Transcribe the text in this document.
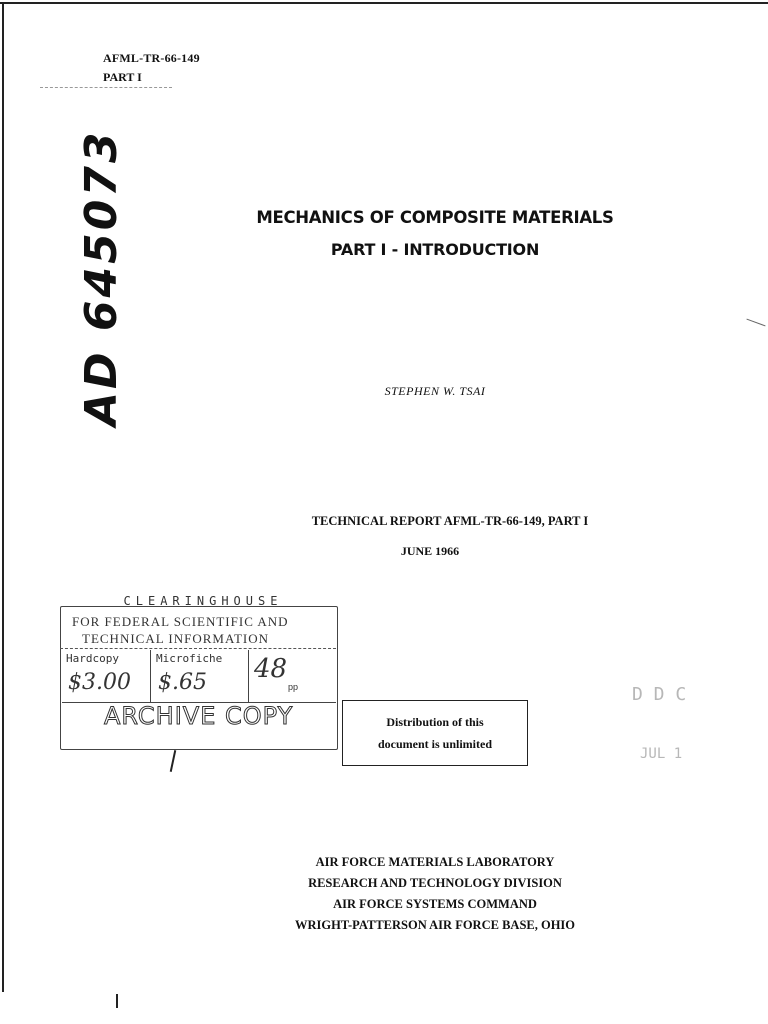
AFML-TR-66-149
PART I
AD 645073	MECHANICS OF COMPOSITE MATERIALS
PART I - INTRODUCTION
STEPHEN W. TSAI
TECHNICAL REPORT AFML-TR-66-149, PART I
JUNE 1966
CLEARINGHOUSE
FOR FEDERAL SCIENTIFIC AND
TECHNICAL INFORMATION
Hardcopy
$3.00
Microfiche
$.65 48
pp
ARCHIVE COPY	Distribution of this
document is unlimited
D D C
JUL 1
AIR FORCE MATERIALS LABORATORY
RESEARCH AND TECHNOLOGY DIVISION
AIR FORCE SYSTEMS COMMAND
WRIGHT-PATTERSON AIR FORCE BASE, OHIO
